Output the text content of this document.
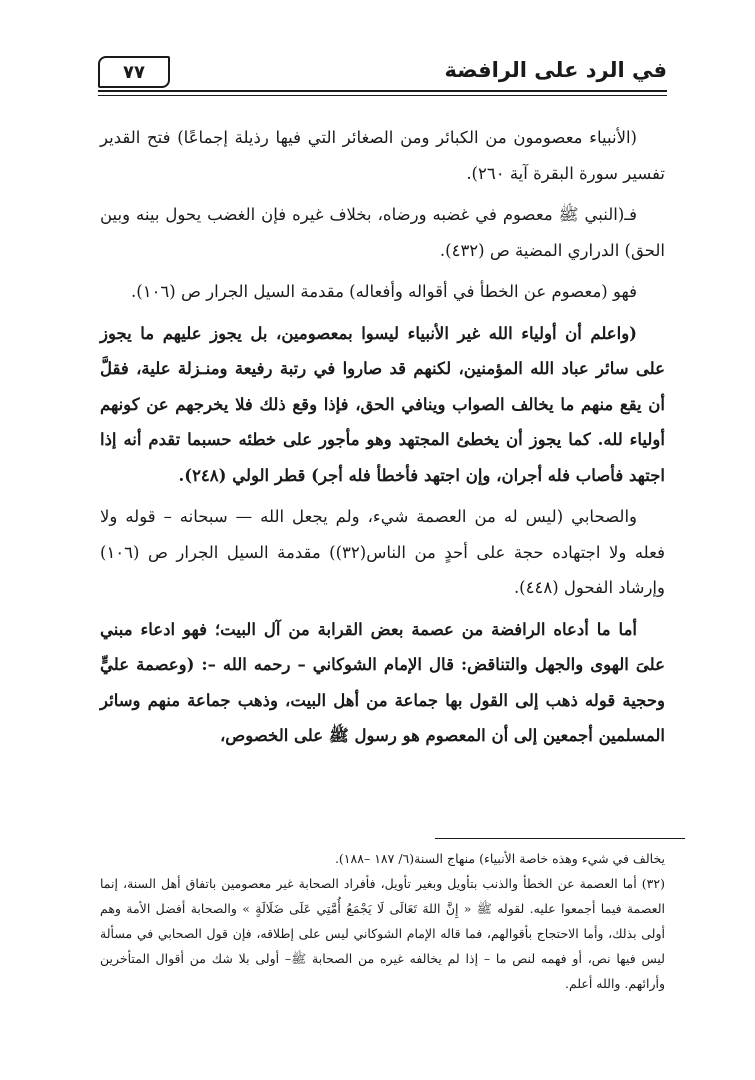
في الرد على الرافضة
٧٧

(الأنبياء معصومون من الكبائر ومن الصغائر التي فيها رذيلة إجماعًا) فتح القدير تفسير سورة البقرة آية ٢٦٠).

فـ(النبي ﷺ معصوم في غضبه ورضاه، بخلاف غيره فإن الغضب يحول بينه وبين الحق) الدراري المضية ص (٤٣٢).

فهو (معصوم عن الخطأ في أقواله وأفعاله) مقدمة السيل الجرار ص (١٠٦).

(واعلم أن أولياء الله غير الأنبياء ليسوا بمعصومين، بل يجوز عليهم ما يجوز على سائر عباد الله المؤمنين، لكنهم قد صاروا في رتبة رفيعة ومنـزلة علية، فقلَّ أن يقع منهم ما يخالف الصواب وينافي الحق، فإذا وقع ذلك فلا يخرجهم عن كونهم أولياء لله. كما يجوز أن يخطئ المجتهد وهو مأجور على خطئه حسبما تقدم أنه إذا اجتهد فأصاب فله أجران، وإن اجتهد فأخطأ فله أجر) قطر الولي (٢٤٨).

والصحابي (ليس له من العصمة شيء، ولم يجعل الله — سبحانه – قوله ولا فعله ولا اجتهاده حجة على أحدٍ من الناس(٣٢)) مقدمة السيل الجرار ص (١٠٦) وإرشاد الفحول (٤٤٨).

أما ما أدعاه الرافضة من عصمة بعض القرابة من آل البيت؛ فهو ادعاء مبني علىَ الهوى والجهل والتناقض: قال الإمام الشوكاني – رحمه الله –: (وعصمة عليٍّ وحجية قوله ذهب إلى القول بها جماعة من أهل البيت، وذهب جماعة منهم وسائر المسلمين أجمعين إلى أن المعصوم هو رسول ﷺ على الخصوص،

يخالف في شيء وهذه خاصة الأنبياء) منهاج السنة(٦/ ١٨٧ –١٨٨).

(٣٢) أما العصمة عن الخطأ والذنب بتأويل وبغير تأويل، فأفراد الصحابة غير معصومين باتفاق أهل السنة، إنما العصمة فيما أجمعوا عليه. لقوله ﷺ « إِنَّ اللهَ تَعَالَى لَا يَجْمَعُ أُمَّتِي عَلَى ضَلَالَةٍ » والصحابة أفضل الأمة وهم أولى بذلك، وأما الاحتجاج بأقوالهم، فما قاله الإمام الشوكاني ليس على إطلاقه، فإن قول الصحابي في مسألة ليس فيها نص، أو فهمه لنص ما – إذا لم يخالفه غيره من الصحابة ﷺ– أولى بلا شك من أقوال المتأخرين وأرائهم. والله أعلم.
